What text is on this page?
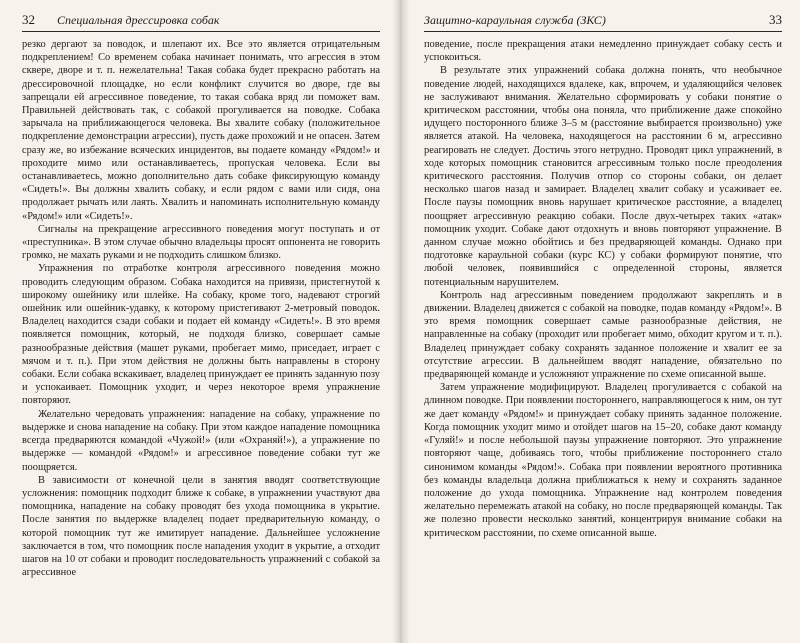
32 Специальная дрессировка собак

резко дергают за поводок, и шлепают их. Все это является отрицательным подкреплением! Со временем собака начинает понимать, что агрессия в этом сквере, дворе и т. п. нежелательна! Такая собака будет прекрасно работать на дрессировочной площадке, но если конфликт случится во дворе, где вы запрещали ей агрессивное поведение, то такая собака вряд ли поможет вам. Правильней действовать так, с собакой прогуливается на поводке. Собака зарычала на приближающегося человека. Вы хвалите собаку (положительное подкрепление демонстрации агрессии), пусть даже прохожий и не опасен. Затем сразу же, во избежание всяческих инцидентов, вы подаете команду «Рядом!» и проходите мимо или останавливаетесь, пропуская человека. Если вы останавливаетесь, можно дополнительно дать собаке фиксирующую команду «Сидеть!». Вы должны хвалить собаку, и если рядом с вами или сидя, она продолжает рычать или лаять. Хвалить и напоминать исполнительную команду «Рядом!» или «Сидеть!».

Сигналы на прекращение агрессивного поведения могут поступать и от «преступника». В этом случае обычно владельцы просят оппонента не говорить громко, не махать руками и не подходить слишком близко.

Упражнения по отработке контроля агрессивного поведения можно проводить следующим образом. Собака находится на привязи, пристегнутой к широкому ошейнику или шлейке. На собаку, кроме того, надевают строгий ошейник или ошейник-удавку, к которому пристегивают 2-метровый поводок. Владелец находится сзади собаки и подает ей команду «Сидеть!». В это время появляется помощник, который, не подходя близко, совершает самые разнообразные действия (машет руками, пробегает мимо, приседает, играет с мячом и т. п.). При этом действия не должны быть направлены в сторону собаки. Если собака вскакивает, владелец принуждает ее принять заданную позу и успокаивает. Помощник уходит, и через некоторое время упражнение повторяют.

Желательно чередовать упражнения: нападение на собаку, упражнение по выдержке и снова нападение на собаку. При этом каждое нападение помощника всегда предваряются командой «Чужой!» (или «Охраняй!»), а упражнение по выдержке — командой «Рядом!» и агрессивное поведение собаки тут же поощряется.

В зависимости от конечной цели в занятия вводят соответствующие усложнения: помощник подходит ближе к собаке, в упражнении участвуют два помощника, нападение на собаку проводят без ухода помощника в укрытие. После занятия по выдержке владелец подает предварительную команду, о которой помощник тут же имитирует нападение. Дальнейшее усложнение заключается в том, что помощник после нападения уходит в укрытие, а отходит шагов на 10 от собаки и проводит последовательность упражнений с собакой за агрессивное

Защитно-караульная служба (ЗКС)	33

поведение, после прекращения атаки немедленно принуждает собаку сесть и успокоиться.

В результате этих упражнений собака должна понять, что необычное поведение людей, находящихся вдалеке, как, впрочем, и удаляющийся человек не заслуживают внимания. Желательно сформировать у собаки понятие о критическом расстоянии, чтобы она поняла, что приближение даже спокойно идущего посторонного ближе 3–5 м (расстояние выбирается произвольно) уже является атакой. На человека, находящегося на расстоянии 6 м, агрессивно реагировать не следует. Достичь этого нетрудно. Проводят цикл упражнений, в ходе которых помощник становится агрессивным только после преодоления критического расстояния. Получив отпор со стороны собаки, он делает несколько шагов назад и замирает. Владелец хвалит собаку и усаживает ее. После паузы помощник вновь нарушает критическое расстояние, а владелец поощряет агрессивную реакцию собаки. После двух-четырех таких «атак» помощник уходит. Собаке дают отдохнуть и вновь повторяют упражнение. В данном случае можно обойтись и без предваряющей команды. Однако при подготовке караульной собаки (курс КС) у собаки формируют понятие, что любой человек, появившийся с определенной стороны, является потенциальным нарушителем.

Контроль над агрессивным поведением продолжают закреплять и в движении. Владелец движется с собакой на поводке, подав команду «Рядом!». В это время помощник совершает самые разнообразные действия, не направленные на собаку (проходит или пробегает мимо, обходит кругом и т. п.). Владелец принуждает собаку сохранять заданное положение и хвалит ее за отсутствие агрессии. В дальнейшем вводят нападение, обязательно по предваряющей команде и усложняют упражнение по схеме описанной выше.

Затем упражнение модифицируют. Владелец прогуливается с собакой на длинном поводке. При появлении постороннего, направляющегося к ним, он тут же дает команду «Рядом!» и принуждает собаку принять заданное положение. Когда помощник уходит мимо и отойдет шагов на 15–20, собаке дают команду «Гуляй!» и после небольшой паузы упражнение повторяют. Это упражнение повторяют чаще, добиваясь того, чтобы приближение постороннего стало синонимом команды «Рядом!». Собака при появлении вероятного противника без команды владельца должна приближаться к нему и сохранять заданное положение до ухода помощника. Упражнение над контролем поведения желательно перемежать атакой на собаку, но после предваряющей команды. Так же полезно провести несколько занятий, концентрируя внимание собаки на критическом расстоянии, по схеме описанной выше.
